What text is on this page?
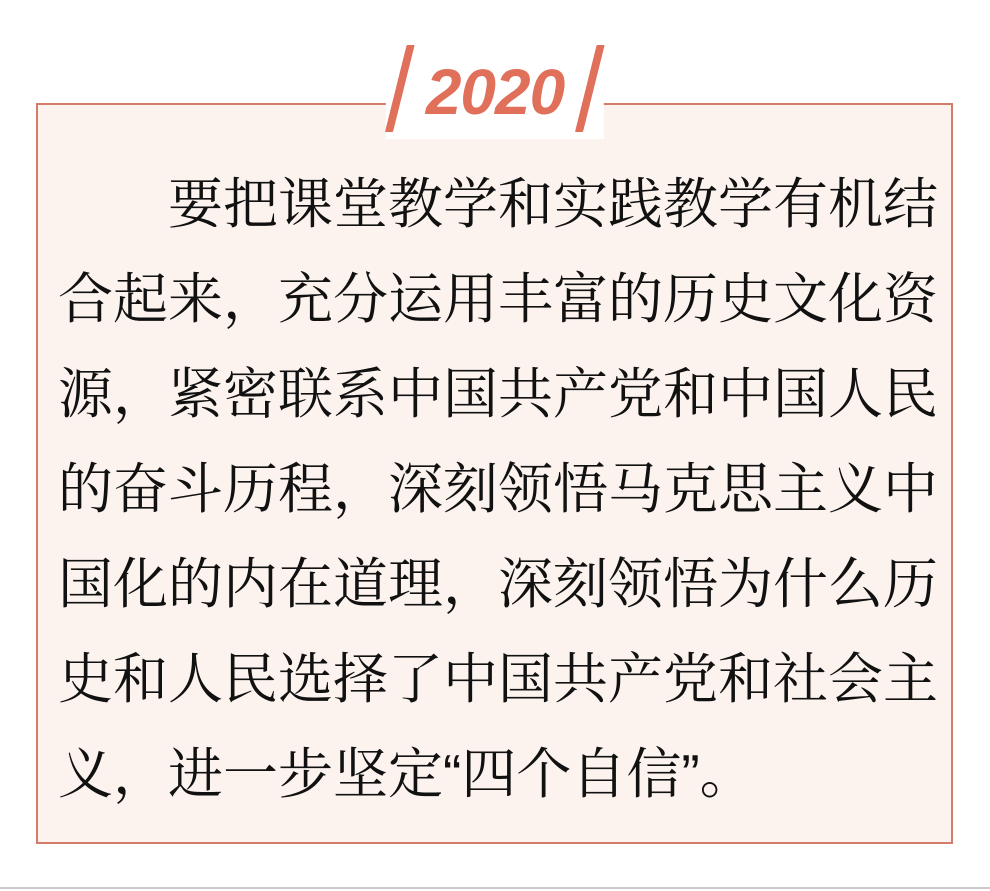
要把课堂教学和实践教学有机结
合起来，充分运用丰富的历史文化资
源，紧密联系中国共产党和中国人民
的奋斗历程，深刻领悟马克思主义中
国化的内在道理，深刻领悟为什么历
史和人民选择了中国共产党和社会主
义，进一步坚定“四个自信”。
2020
